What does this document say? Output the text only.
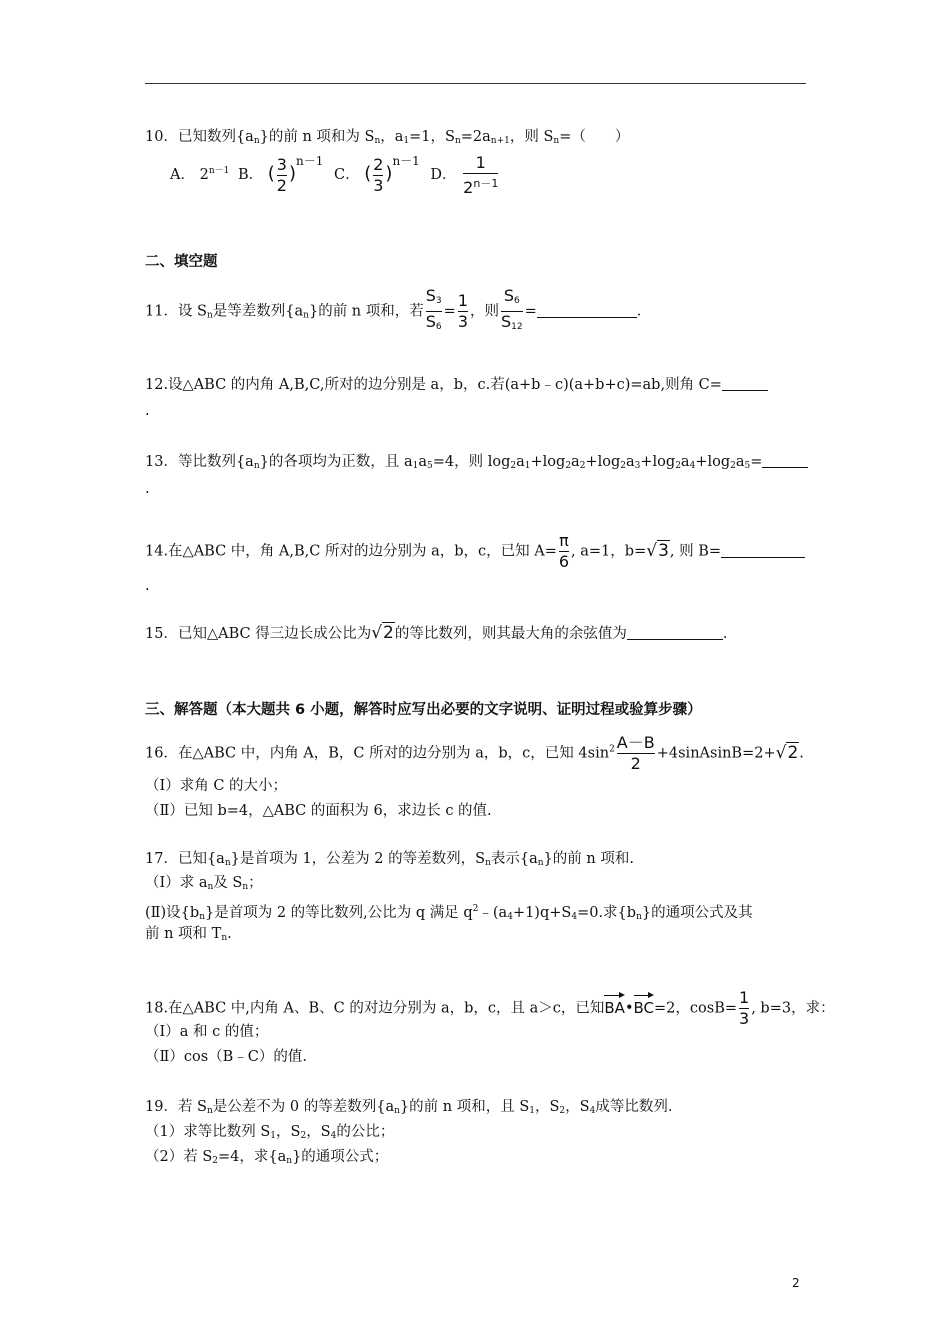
10．已知数列$\{a_n\}$的前 n 项和为 $S_n$，$a_1=1$，$S_n=2a_{n+1}$，则 $S_n=$（　　）
A． $2^{n-1}$ B． ( $\frac{3}{2} )^{n-1}$ C． ( $\frac{2}{3} )^{n-1}$ D． $\frac{1}{2^{n-1}}$
二、填空题
11．设 $S_n$是等差数列$\{a_n\}$的前 n 项和，若 $\frac{S_3}{S_6} = \frac{1}{3}$ ，则 $\frac{S_6}{S_{12}}$ =	．
12.设△ABC 的内角 A,B,C,所对的边分别是 a，b，c.若(a+b﹣c)(a+b+c)=ab,则角 C=
.
13．等比数列$\{a_n\}$的各项均为正数，且 $a_1a_5=4$，则 $\log_2a_1+\log_2a_2+\log_2a_3+\log_2a_4+\log_2a_5=$
.
14.在△ABC 中，角 A,B,C 所对的边分别为 a，b，c，已知 $A= \frac{\pi}{6}$ , a=1，b=√3, 则 B=
.
15．已知△ABC 得三边长成公比为√2的等比数列，则其最大角的余弦值为	．
三、解答题（本大题共 6 小题，解答时应写出必要的文字说明、证明过程或验算步骤）
16．在△ABC 中，内角 A，B，C 所对的边分别为 a，b，c，已知 $4\sin^2 \frac{A-B}{2}$ +4sinAsinB=2+√2.
（Ⅰ）求角 C 的大小；
（Ⅱ）已知 b=4，△ABC 的面积为 6，求边长 c 的值.
17．已知$\{a_n\}$是首项为 1，公差为 2 的等差数列，$S_n$表示$\{a_n\}$的前 n 项和.
（Ⅰ）求 $a_n$及 $S_n$；
(Ⅱ)设$\{b_n\}$是首项为 2 的等比数列,公比为 q 满足 $q^2﹣(a_4+1)q+S_4=0$.求$\{b_n\}$的通项公式及其
前 n 项和 $T_n$.
18.在△ABC 中,内角 A、B、C 的对边分别为 a，b，c，且 a＞c，已知BA•BC=2，$\cos B= \frac{1}{3}$ , b=3，求：
（Ⅰ）a 和 c 的值；
（Ⅱ）cos（B﹣C）的值.
19．若 $S_n$是公差不为 0 的等差数列$\{a_n\}$的前 n 项和，且 $S_1$，$S_2$，$S_4$成等比数列.
（1）求等比数列 $S_1$，$S_2$，$S_4$的公比；
（2）若 $S_2=4$，求$\{a_n\}$的通项公式；
2
